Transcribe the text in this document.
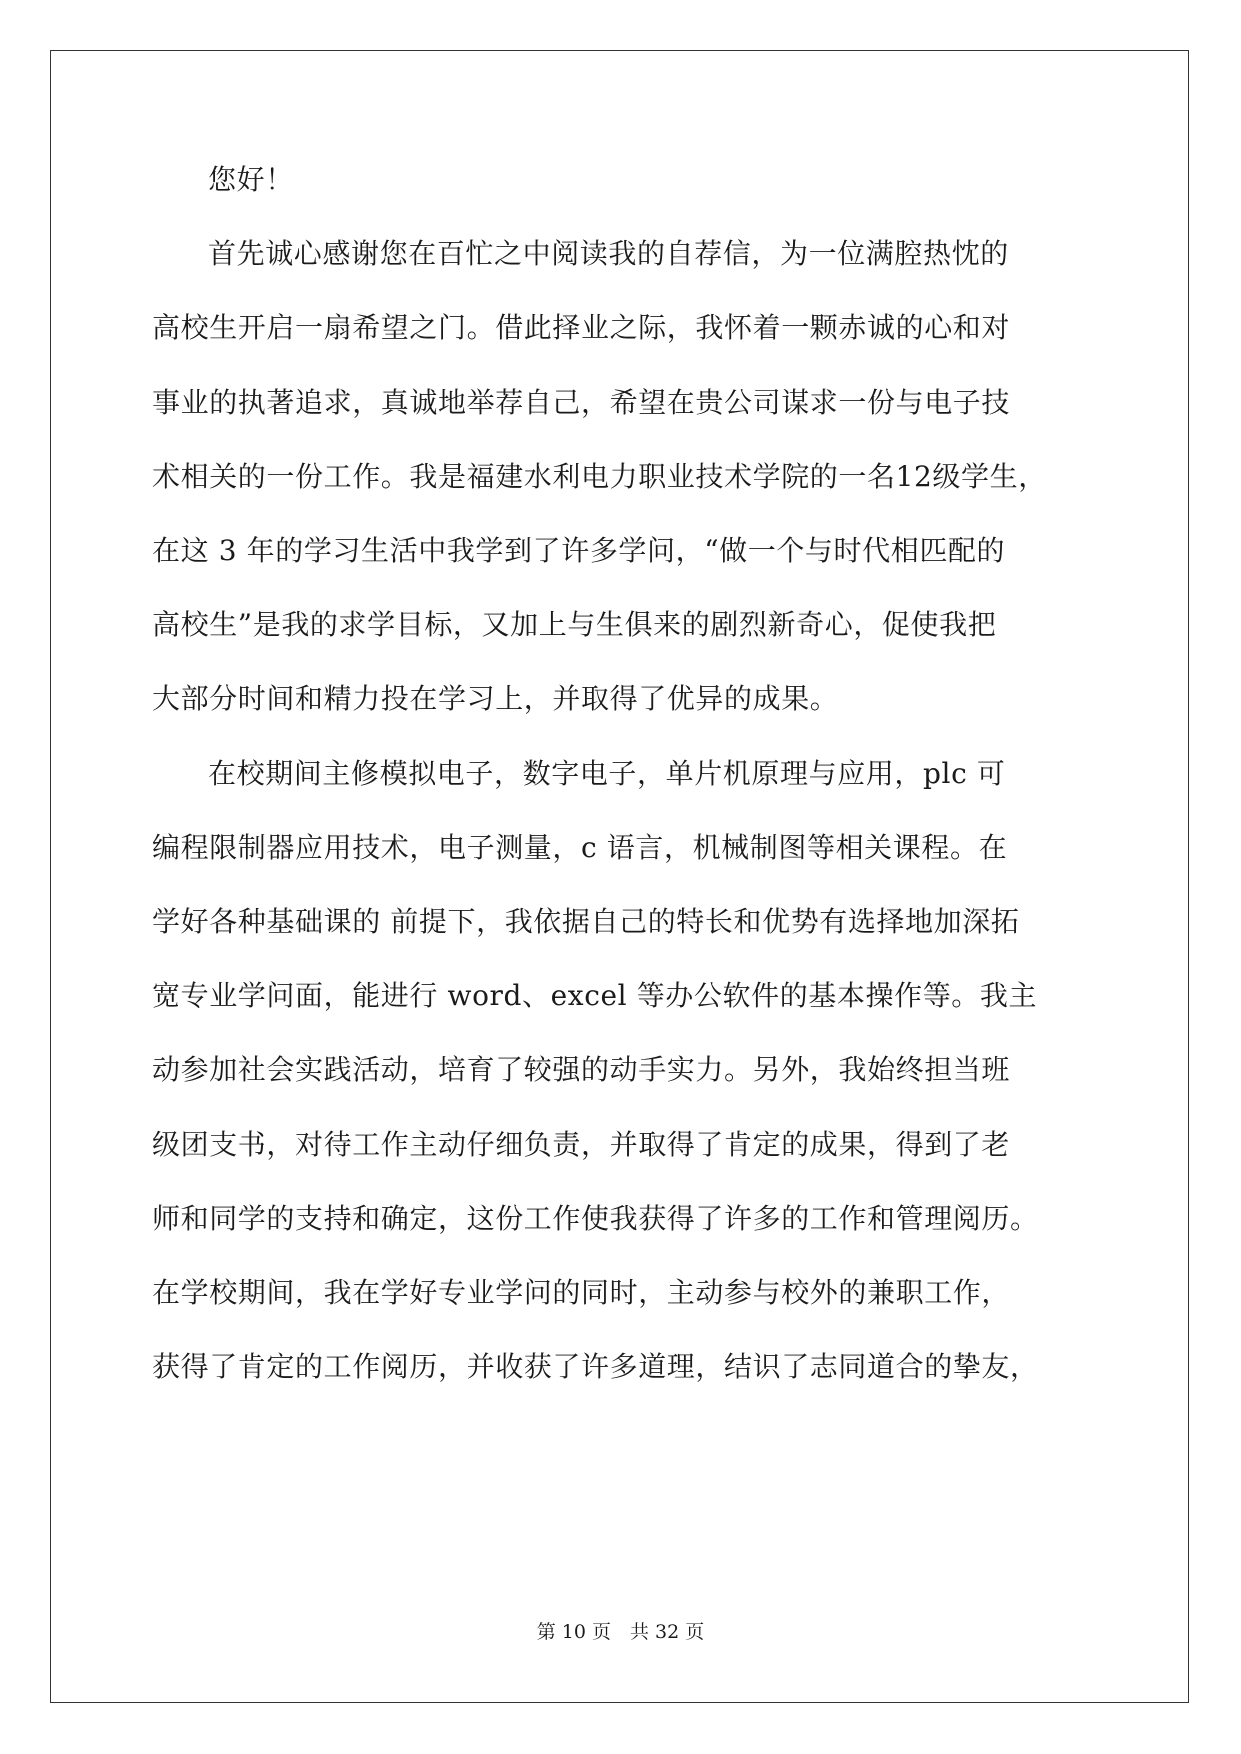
您好！
首先诚心感谢您在百忙之中阅读我的自荐信，为一位满腔热忱的
高校生开启一扇希望之门。借此择业之际，我怀着一颗赤诚的心和对
事业的执著追求，真诚地举荐自己，希望在贵公司谋求一份与电子技
术相关的一份工作。我是福建水利电力职业技术学院的一名12级学生，
在这 3 年的学习生活中我学到了许多学问，“做一个与时代相匹配的
高校生”是我的求学目标，又加上与生俱来的剧烈新奇心，促使我把
大部分时间和精力投在学习上，并取得了优异的成果。
在校期间主修模拟电子，数字电子，单片机原理与应用，plc 可
编程限制器应用技术，电子测量，c 语言，机械制图等相关课程。在
学好各种基础课的 前提下，我依据自己的特长和优势有选择地加深拓
宽专业学问面，能进行 word、excel 等办公软件的基本操作等。我主
动参加社会实践活动，培育了较强的动手实力。另外，我始终担当班
级团支书，对待工作主动仔细负责，并取得了肯定的成果，得到了老
师和同学的支持和确定，这份工作使我获得了许多的工作和管理阅历。
在学校期间，我在学好专业学问的同时，主动参与校外的兼职工作，
获得了肯定的工作阅历，并收获了许多道理，结识了志同道合的挚友，
第 10 页　共 32 页
